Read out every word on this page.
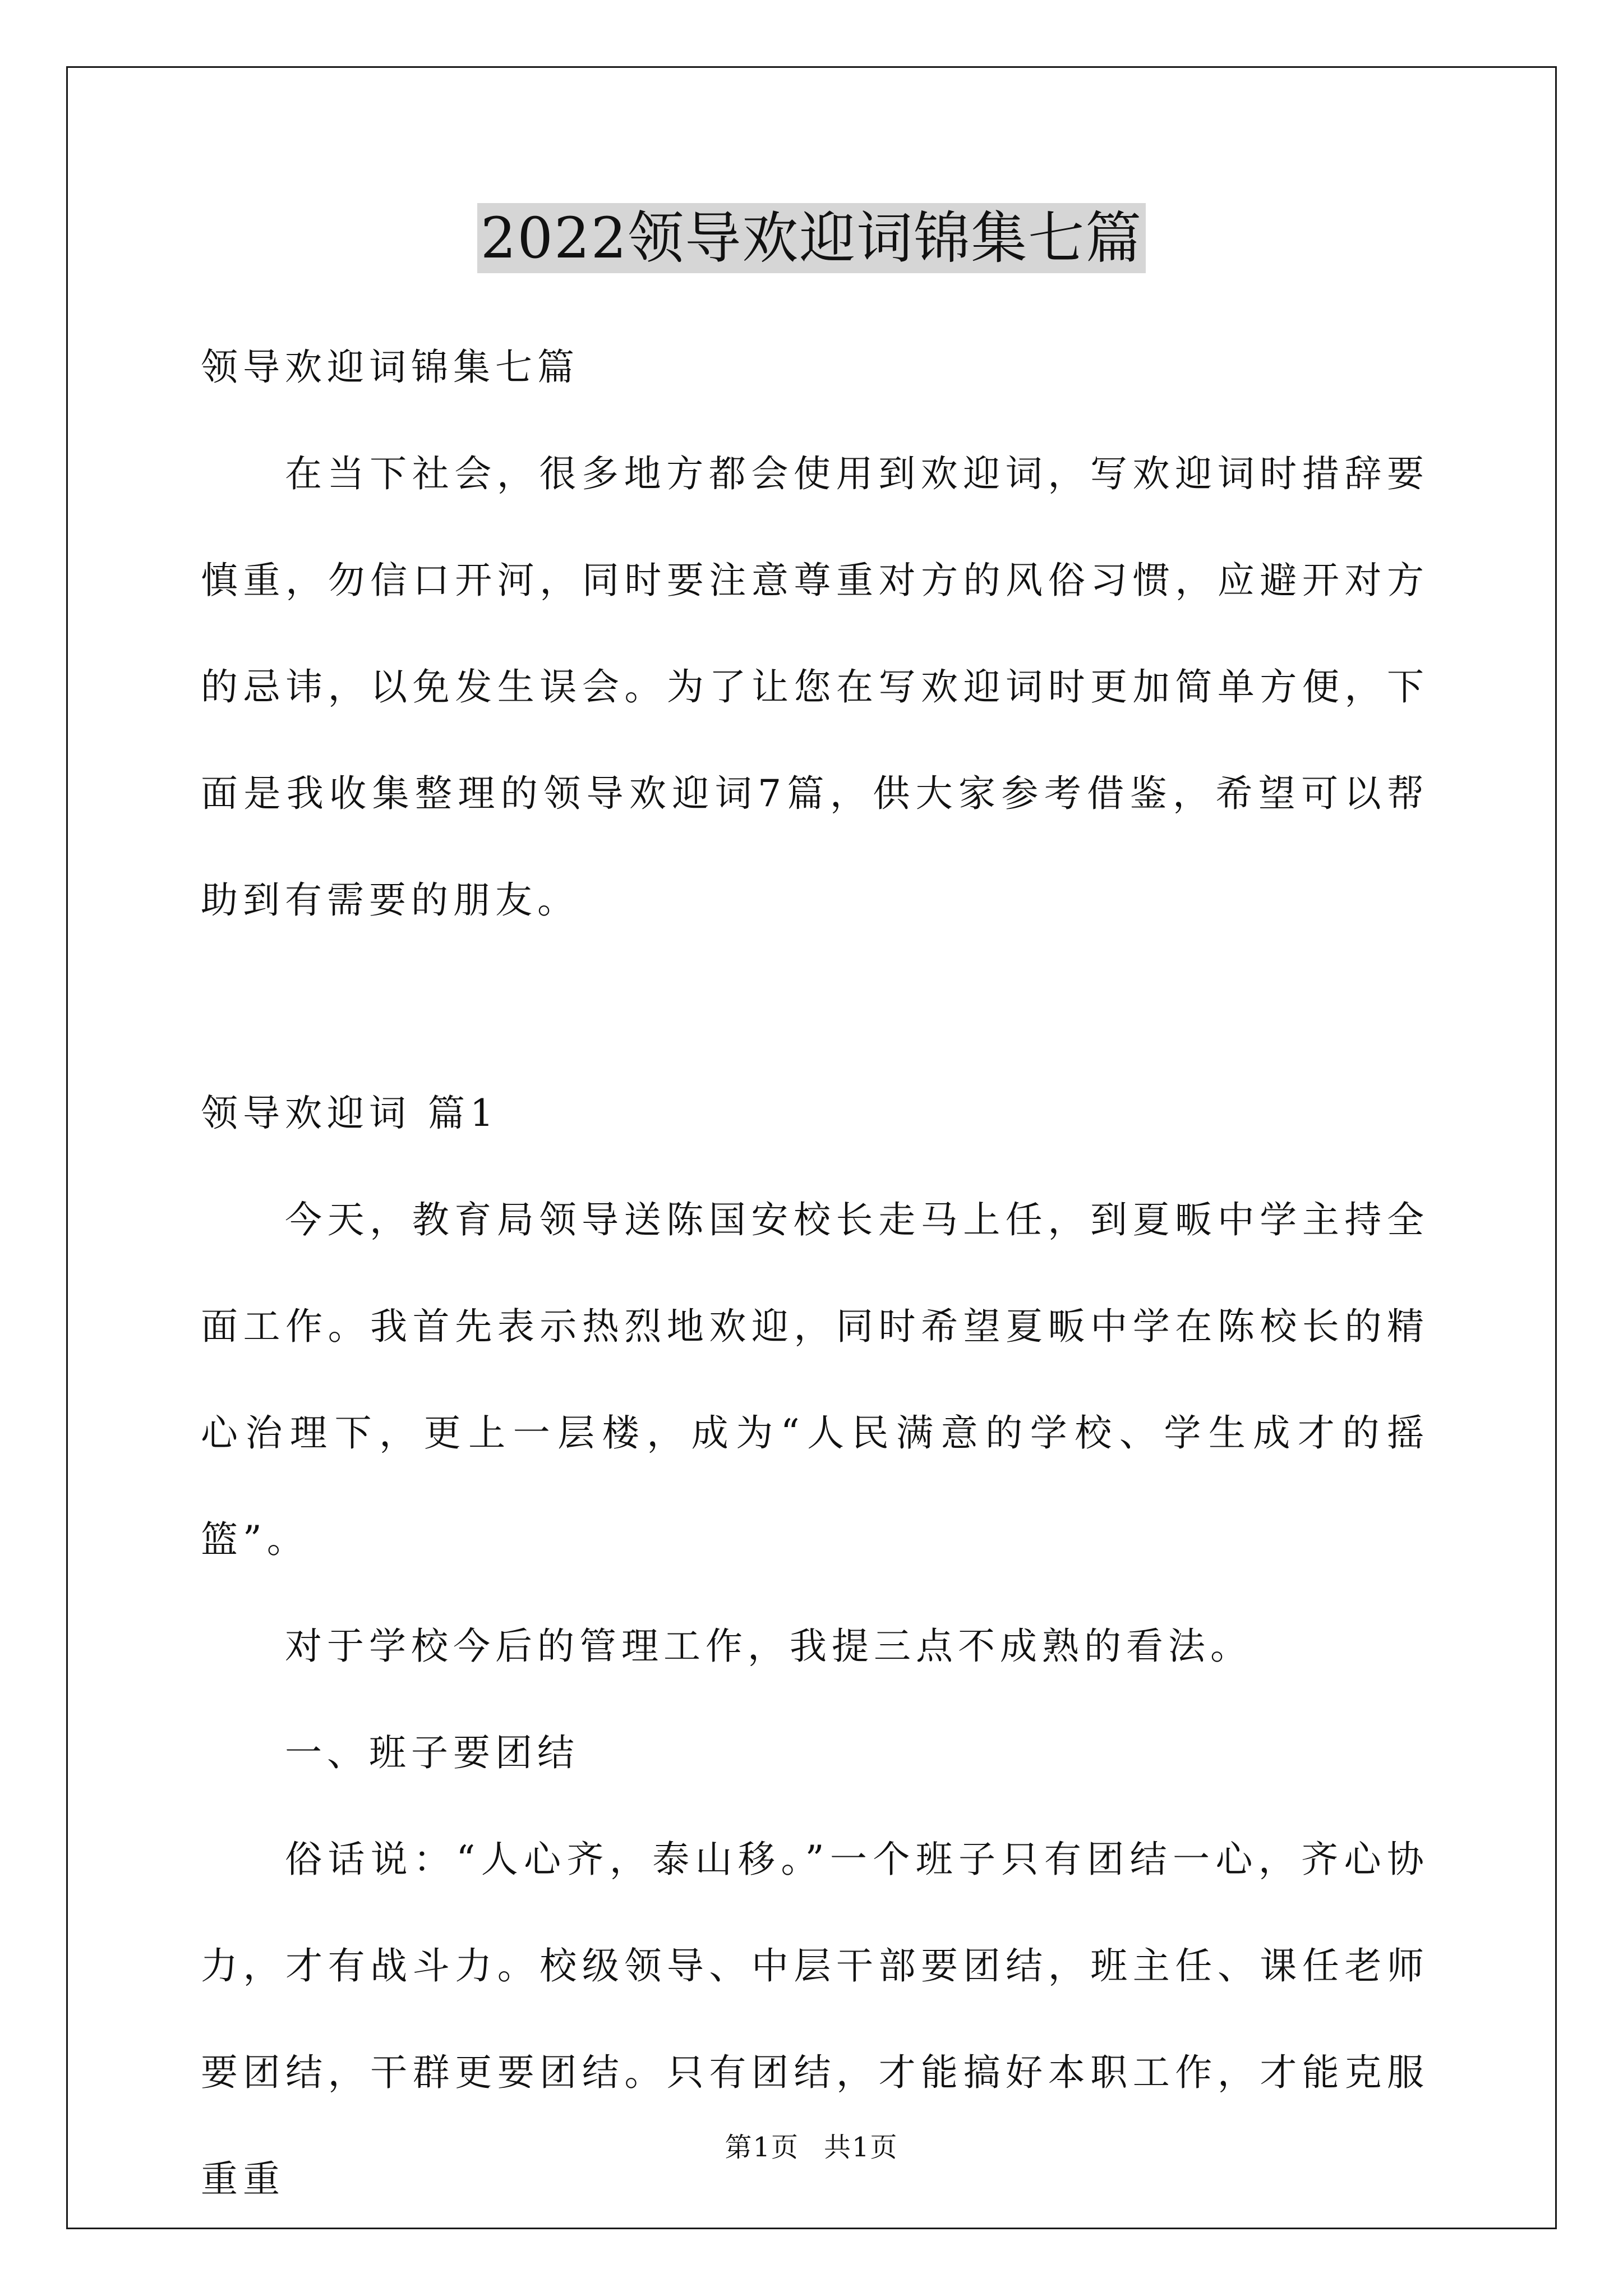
2022领导欢迎词锦集七篇

领导欢迎词锦集七篇

在当下社会，很多地方都会使用到欢迎词，写欢迎词时措辞要慎重，勿信口开河，同时要注意尊重对方的风俗习惯，应避开对方的忌讳，以免发生误会。为了让您在写欢迎词时更加简单方便，下面是我收集整理的领导欢迎词7篇，供大家参考借鉴，希望可以帮助到有需要的朋友。

领导欢迎词 篇1

今天，教育局领导送陈国安校长走马上任，到夏畈中学主持全面工作。我首先表示热烈地欢迎，同时希望夏畈中学在陈校长的精心治理下，更上一层楼，成为“人民满意的学校、学生成才的摇篮”。

对于学校今后的管理工作，我提三点不成熟的看法。

一、班子要团结

俗话说：“人心齐，泰山移。”一个班子只有团结一心，齐心协力，才有战斗力。校级领导、中层干部要团结，班主任、课任老师要团结，干群更要团结。只有团结，才能搞好本职工作，才能克服重重

第1页 共1页
